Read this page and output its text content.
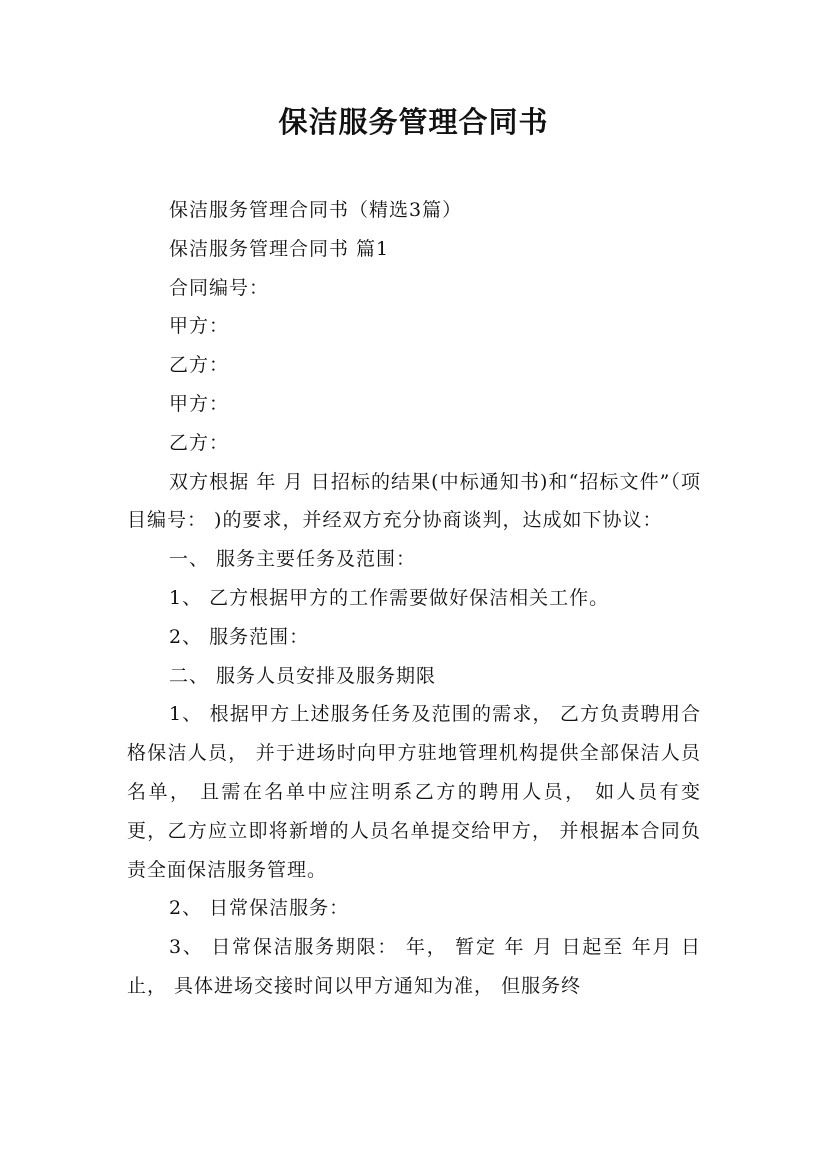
保洁服务管理合同书

保洁服务管理合同书（精选3篇）

保洁服务管理合同书 篇1

合同编号：

甲方：

乙方：

甲方：

乙方：

双方根据 年 月 日招标的结果(中标通知书)和“招标文件”（项目编号： )的要求，并经双方充分协商谈判，达成如下协议：

一、 服务主要任务及范围：

1、 乙方根据甲方的工作需要做好保洁相关工作。

2、 服务范围：

二、 服务人员安排及服务期限

1、 根据甲方上述服务任务及范围的需求， 乙方负责聘用合格保洁人员， 并于进场时向甲方驻地管理机构提供全部保洁人员名单， 且需在名单中应注明系乙方的聘用人员， 如人员有变更，乙方应立即将新增的人员名单提交给甲方， 并根据本合同负责全面保洁服务管理。

2、 日常保洁服务：

3、 日常保洁服务期限： 年， 暂定 年 月 日起至 年月 日止， 具体进场交接时间以甲方通知为准， 但服务终
